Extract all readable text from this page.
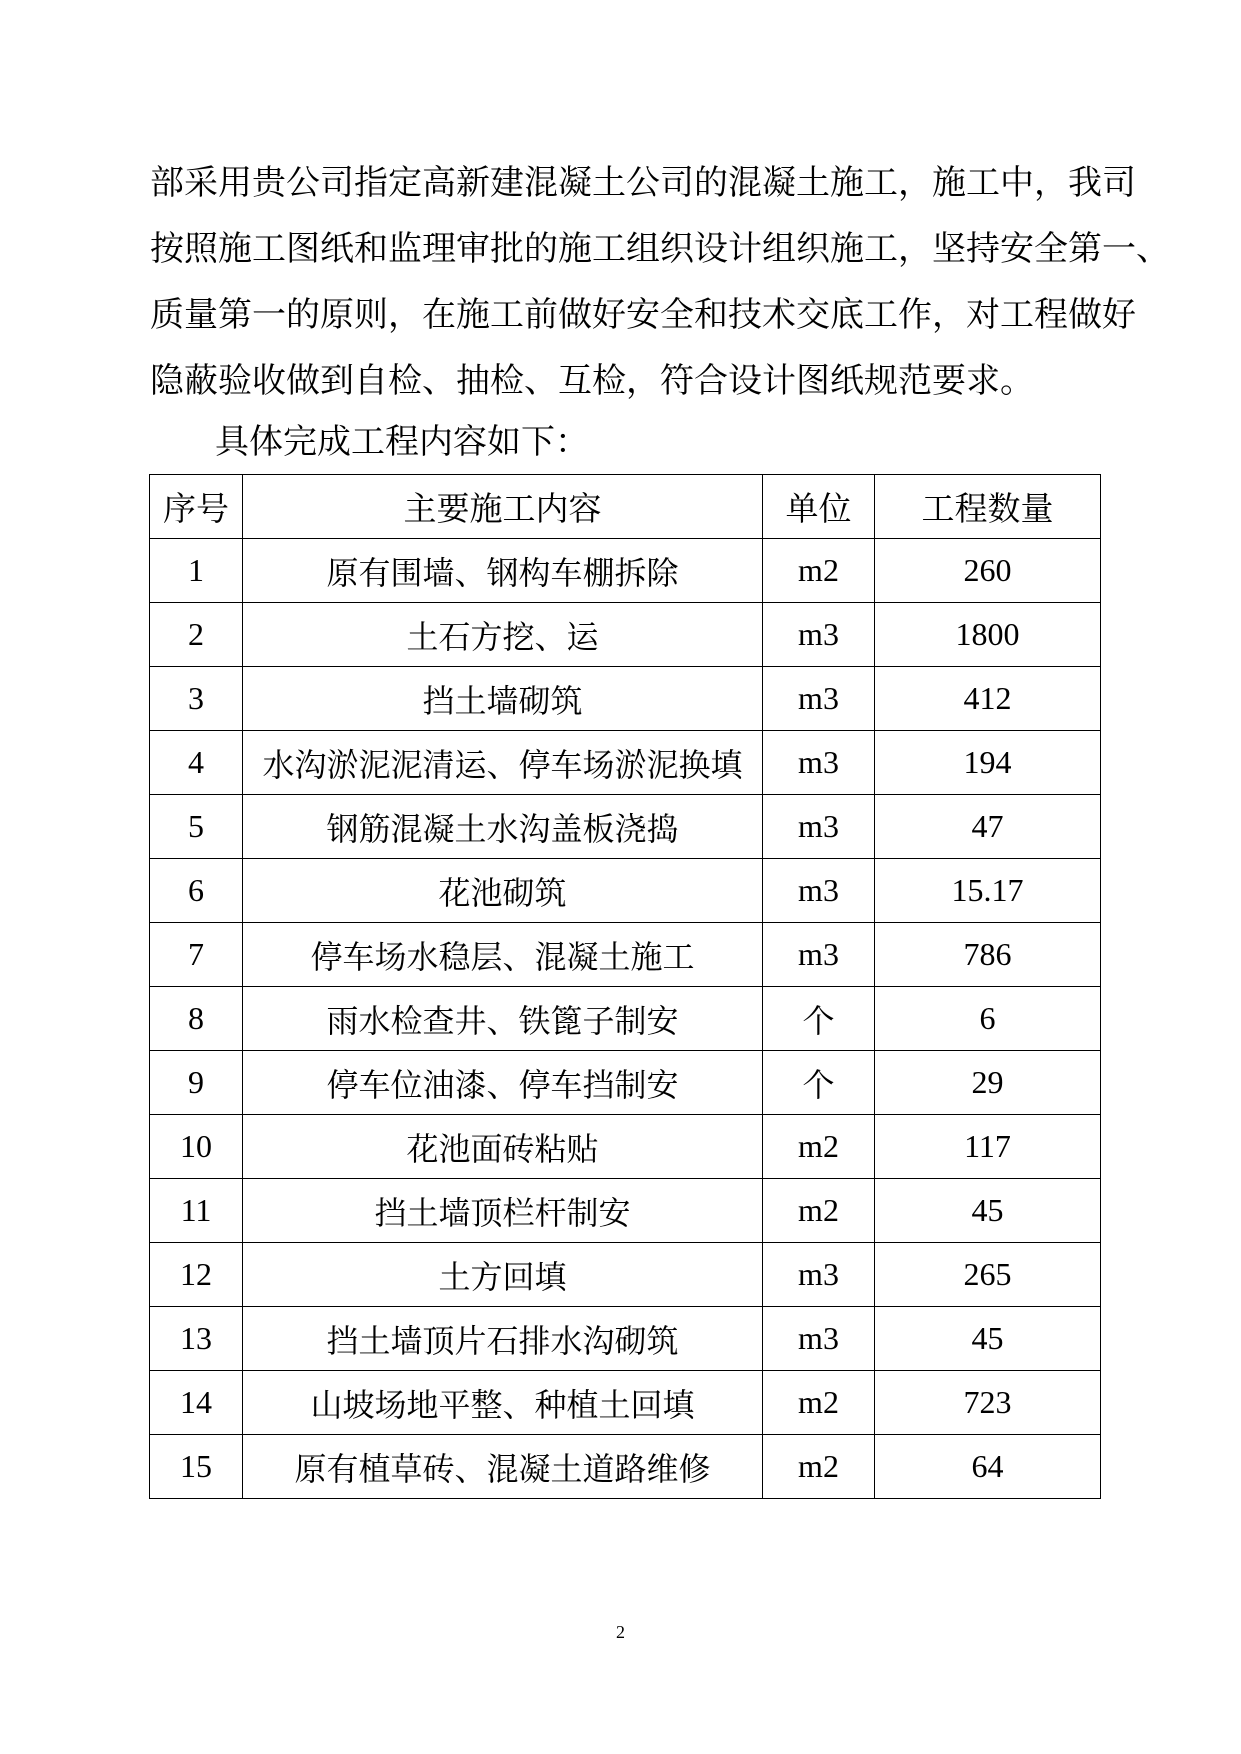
部采用贵公司指定高新建混凝土公司的混凝土施工，施工中，我司
按照施工图纸和监理审批的施工组织设计组织施工，坚持安全第一、
质量第一的原则，在施工前做好安全和技术交底工作，对工程做好
隐蔽验收做到自检、抽检、互检，符合设计图纸规范要求。
具体完成工程内容如下：
序号	主要施工内容	单位	工程数量
1	原有围墙、钢构车棚拆除	m2	260
2	土石方挖、运	m3	1800
3	挡土墙砌筑	m3	412
4	水沟淤泥泥清运、停车场淤泥换填	m3	194
5	钢筋混凝土水沟盖板浇捣	m3	47
6	花池砌筑	m3	15.17
7	停车场水稳层、混凝土施工	m3	786
8	雨水检查井、铁篦子制安	个	6
9	停车位油漆、停车挡制安	个	29
10	花池面砖粘贴	m2	117
11	挡土墙顶栏杆制安	m2	45
12	土方回填	m3	265
13	挡土墙顶片石排水沟砌筑	m3	45
14	山坡场地平整、种植土回填	m2	723
15	原有植草砖、混凝土道路维修	m2	64
2
